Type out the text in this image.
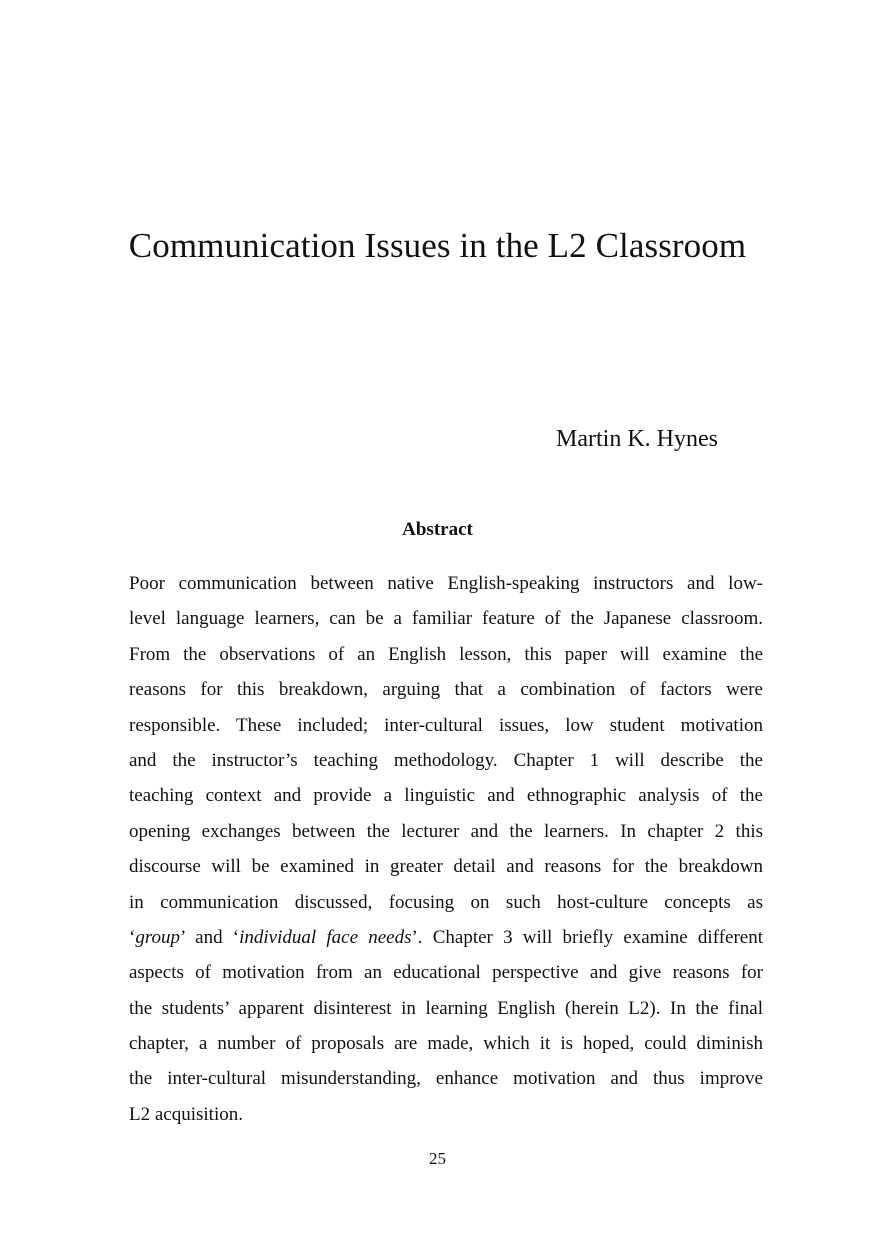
Communication Issues in the L2 Classroom

Martin K. Hynes

Abstract
Poor communication between native English-speaking instructors and low-
level language learners, can be a familiar feature of the Japanese classroom.
From the observations of an English lesson, this paper will examine the
reasons for this breakdown, arguing that a combination of factors were
responsible. These included; inter-cultural issues, low student motivation
and the instructor’s teaching methodology. Chapter 1 will describe the
teaching context and provide a linguistic and ethnographic analysis of the
opening exchanges between the lecturer and the learners. In chapter 2 this
discourse will be examined in greater detail and reasons for the breakdown
in communication discussed, focusing on such host-culture concepts as
‘group’ and ‘individual face needs’. Chapter 3 will briefly examine different
aspects of motivation from an educational perspective and give reasons for
the students’ apparent disinterest in learning English (herein L2). In the final
chapter, a number of proposals are made, which it is hoped, could diminish
the inter-cultural misunderstanding, enhance motivation and thus improve
L2 acquisition.

25
